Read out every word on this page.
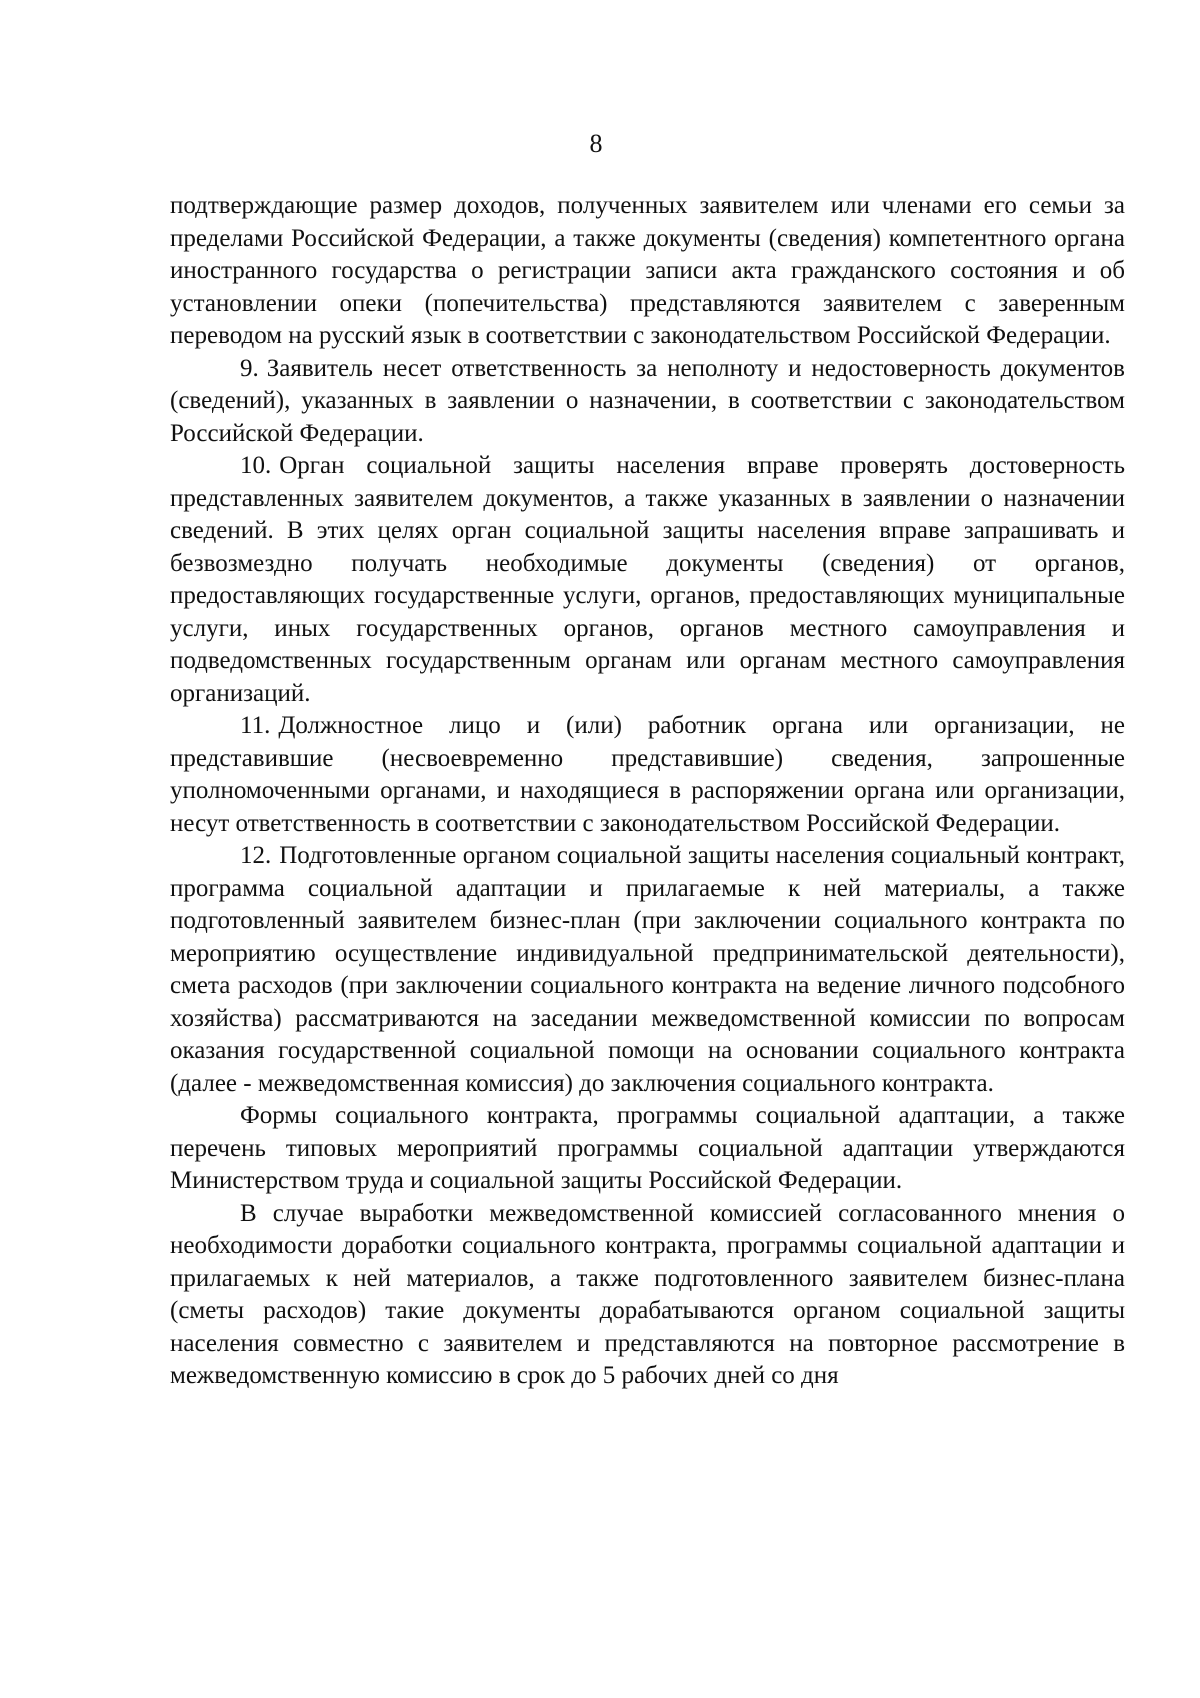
8

подтверждающие размер доходов, полученных заявителем или членами его семьи за пределами Российской Федерации, а также документы (сведения) компетентного органа иностранного государства о регистрации записи акта гражданского состояния и об установлении опеки (попечительства) представляются заявителем с заверенным переводом на русский язык в соответствии с законодательством Российской Федерации.

9. Заявитель несет ответственность за неполноту и недостоверность документов (сведений), указанных в заявлении о назначении, в соответствии с законодательством Российской Федерации.

10. Орган социальной защиты населения вправе проверять достоверность представленных заявителем документов, а также указанных в заявлении о назначении сведений. В этих целях орган социальной защиты населения вправе запрашивать и безвозмездно получать необходимые документы (сведения) от органов, предоставляющих государственные услуги, органов, предоставляющих муниципальные услуги, иных государственных органов, органов местного самоуправления и подведомственных государственным органам или органам местного самоуправления организаций.

11. Должностное лицо и (или) работник органа или организации, не представившие (несвоевременно представившие) сведения, запрошенные уполномоченными органами, и находящиеся в распоряжении органа или организации, несут ответственность в соответствии с законодательством Российской Федерации.

12. Подготовленные органом социальной защиты населения социальный контракт, программа социальной адаптации и прилагаемые к ней материалы, а также подготовленный заявителем бизнес-план (при заключении социального контракта по мероприятию осуществление индивидуальной предпринимательской деятельности), смета расходов (при заключении социального контракта на ведение личного подсобного хозяйства) рассматриваются на заседании межведомственной комиссии по вопросам оказания государственной социальной помощи на основании социального контракта (далее - межведомственная комиссия) до заключения социального контракта.

Формы социального контракта, программы социальной адаптации, а также перечень типовых мероприятий программы социальной адаптации утверждаются Министерством труда и социальной защиты Российской Федерации.

В случае выработки межведомственной комиссией согласованного мнения о необходимости доработки социального контракта, программы социальной адаптации и прилагаемых к ней материалов, а также подготовленного заявителем бизнес-плана (сметы расходов) такие документы дорабатываются органом социальной защиты населения совместно с заявителем и представляются на повторное рассмотрение в межведомственную комиссию в срок до 5 рабочих дней со дня
